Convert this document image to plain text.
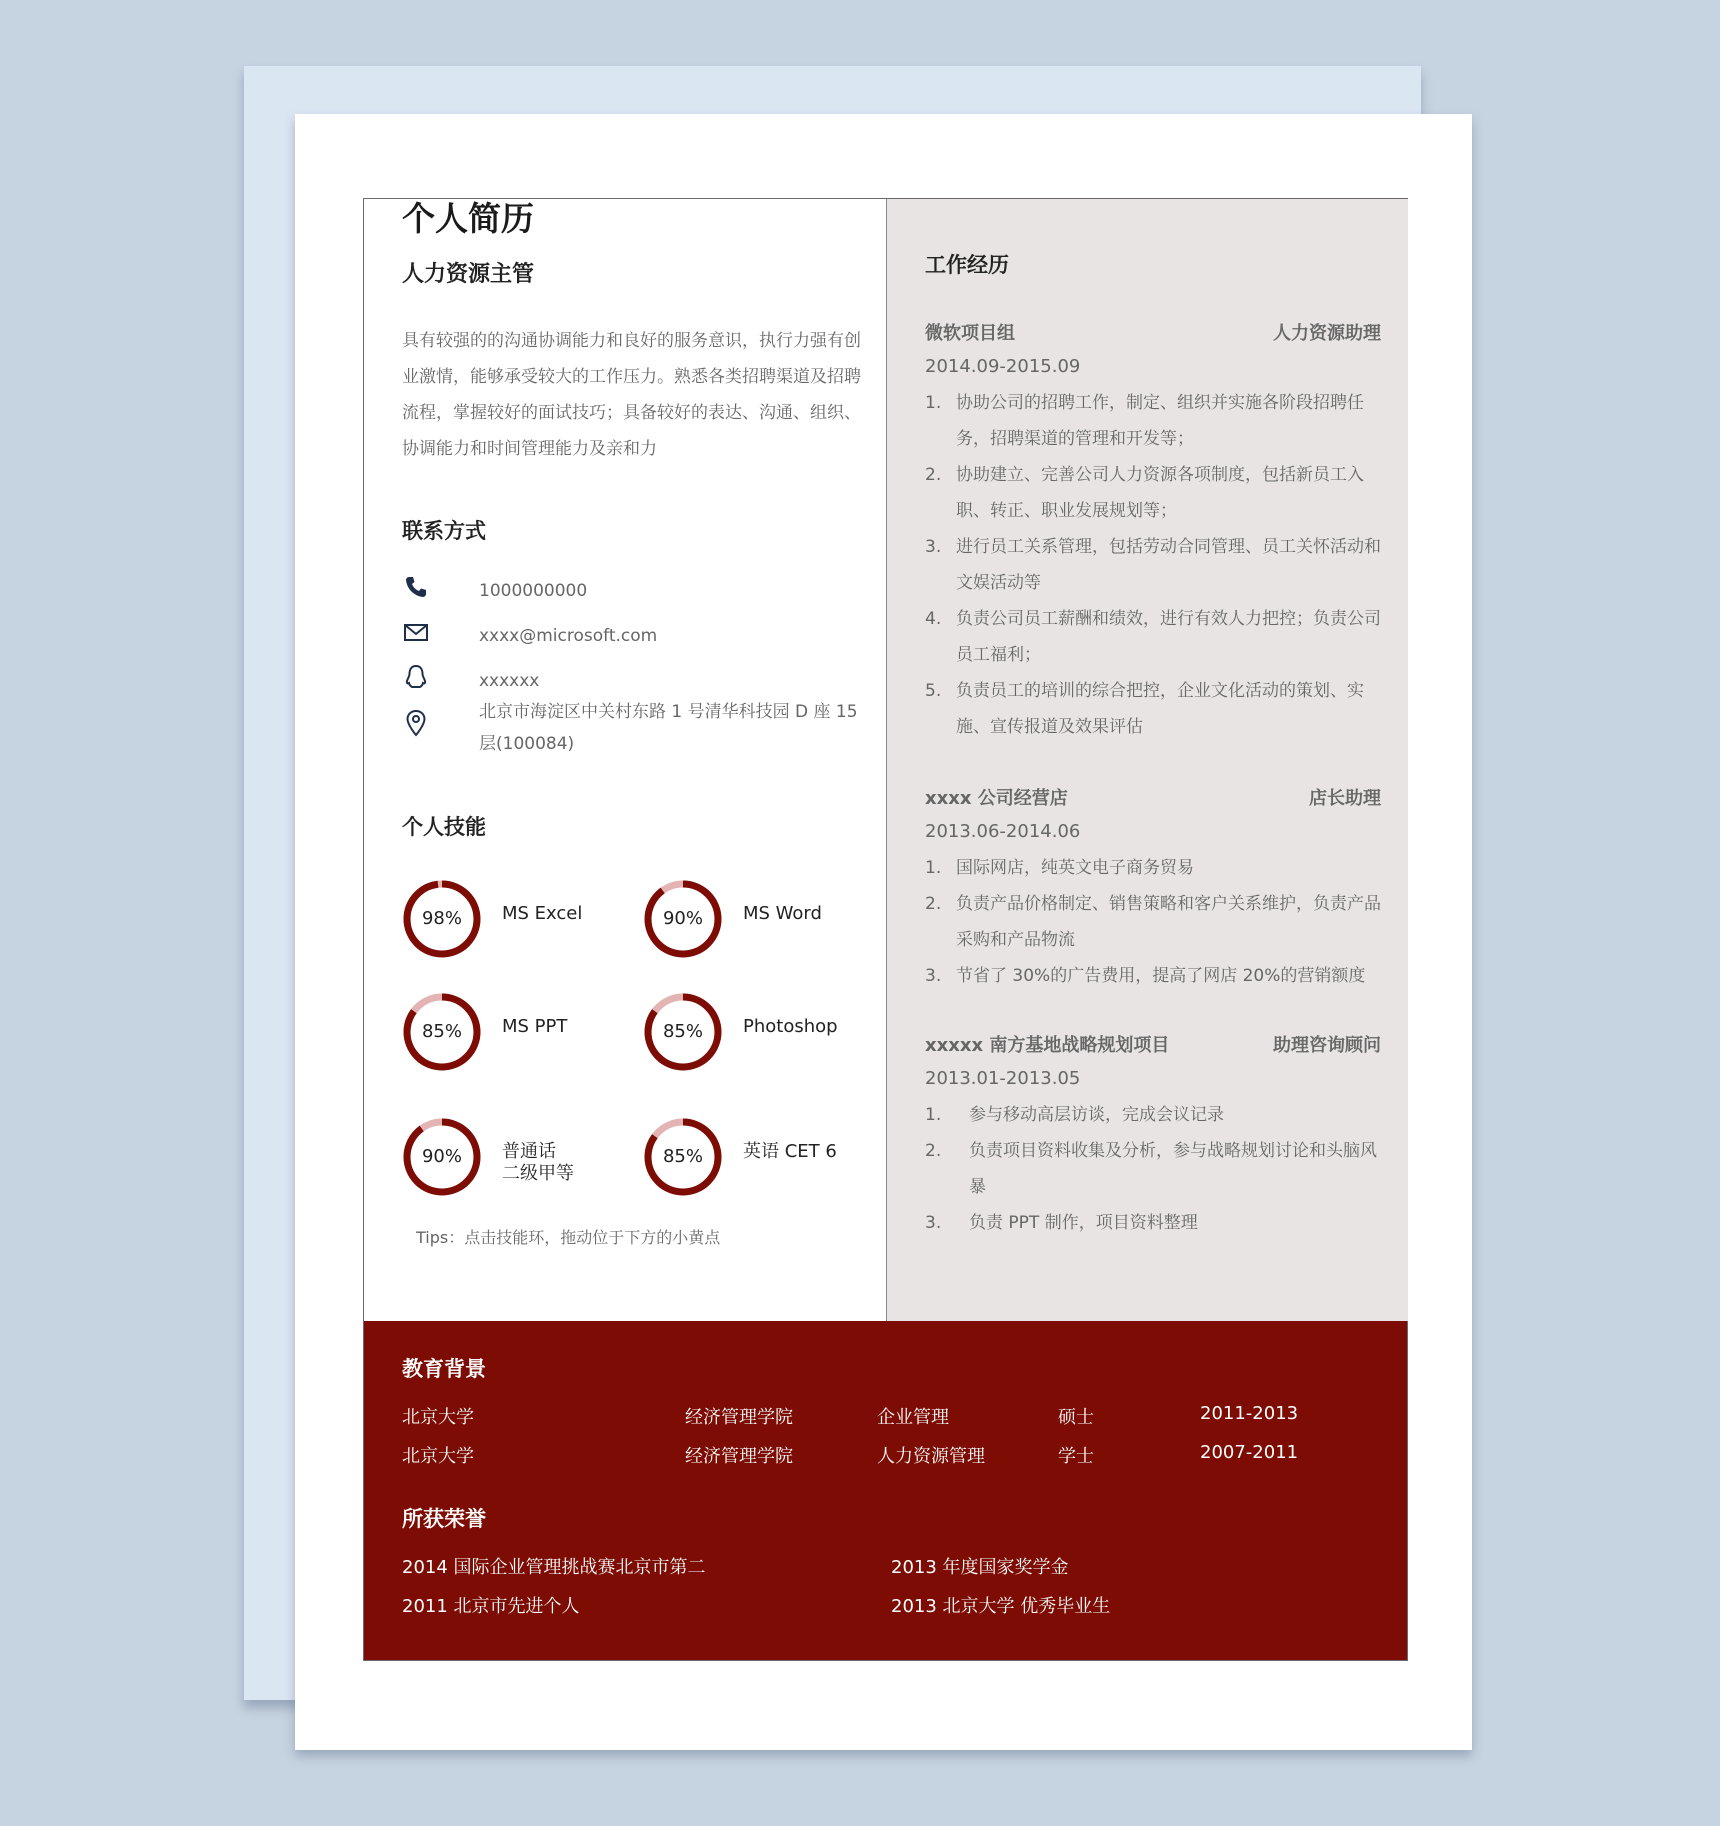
个人简历
人力资源主管
具有较强的的沟通协调能力和良好的服务意识，执行力强有创业激情，能够承受较大的工作压力。熟悉各类招聘渠道及招聘流程，掌握较好的面试技巧；具备较好的表达、沟通、组织、协调能力和时间管理能力及亲和力
联系方式
1000000000
xxxx@microsoft.com
xxxxxx
北京市海淀区中关村东路 1 号清华科技园 D 座 15 层(100084)
个人技能
98%	MS Excel	90%	MS Word
85%	MS PPT	85%	Photoshop
90%	普通话
二级甲等
85%	英语 CET 6
Tips：点击技能环，拖动位于下方的小黄点
工作经历
微软项目组	人力资源助理
2014.09-2015.09
1. 协助公司的招聘工作，制定、组织并实施各阶段招聘任务，招聘渠道的管理和开发等；
2. 协助建立、完善公司人力资源各项制度，包括新员工入职、转正、职业发展规划等；
3. 进行员工关系管理，包括劳动合同管理、员工关怀活动和文娱活动等
4. 负责公司员工薪酬和绩效，进行有效人力把控；负责公司员工福利；
5. 负责员工的培训的综合把控，企业文化活动的策划、实施、宣传报道及效果评估
xxxx 公司经营店	店长助理
2013.06-2014.06
1. 国际网店，纯英文电子商务贸易
2. 负责产品价格制定、销售策略和客户关系维护，负责产品采购和产品物流
3. 节省了 30%的广告费用，提高了网店 20%的营销额度
xxxxx 南方基地战略规划项目	助理咨询顾问
2013.01-2013.05
1. 参与移动高层访谈，完成会议记录
2. 负责项目资料收集及分析，参与战略规划讨论和头脑风暴
3. 负责 PPT 制作，项目资料整理
教育背景
北京大学	经济管理学院	企业管理	硕士	2011-2013
北京大学	经济管理学院	人力资源管理	学士	2007-2011
所获荣誉
2014 国际企业管理挑战赛北京市第二	2013 年度国家奖学金
2011 北京市先进个人	2013 北京大学 优秀毕业生
